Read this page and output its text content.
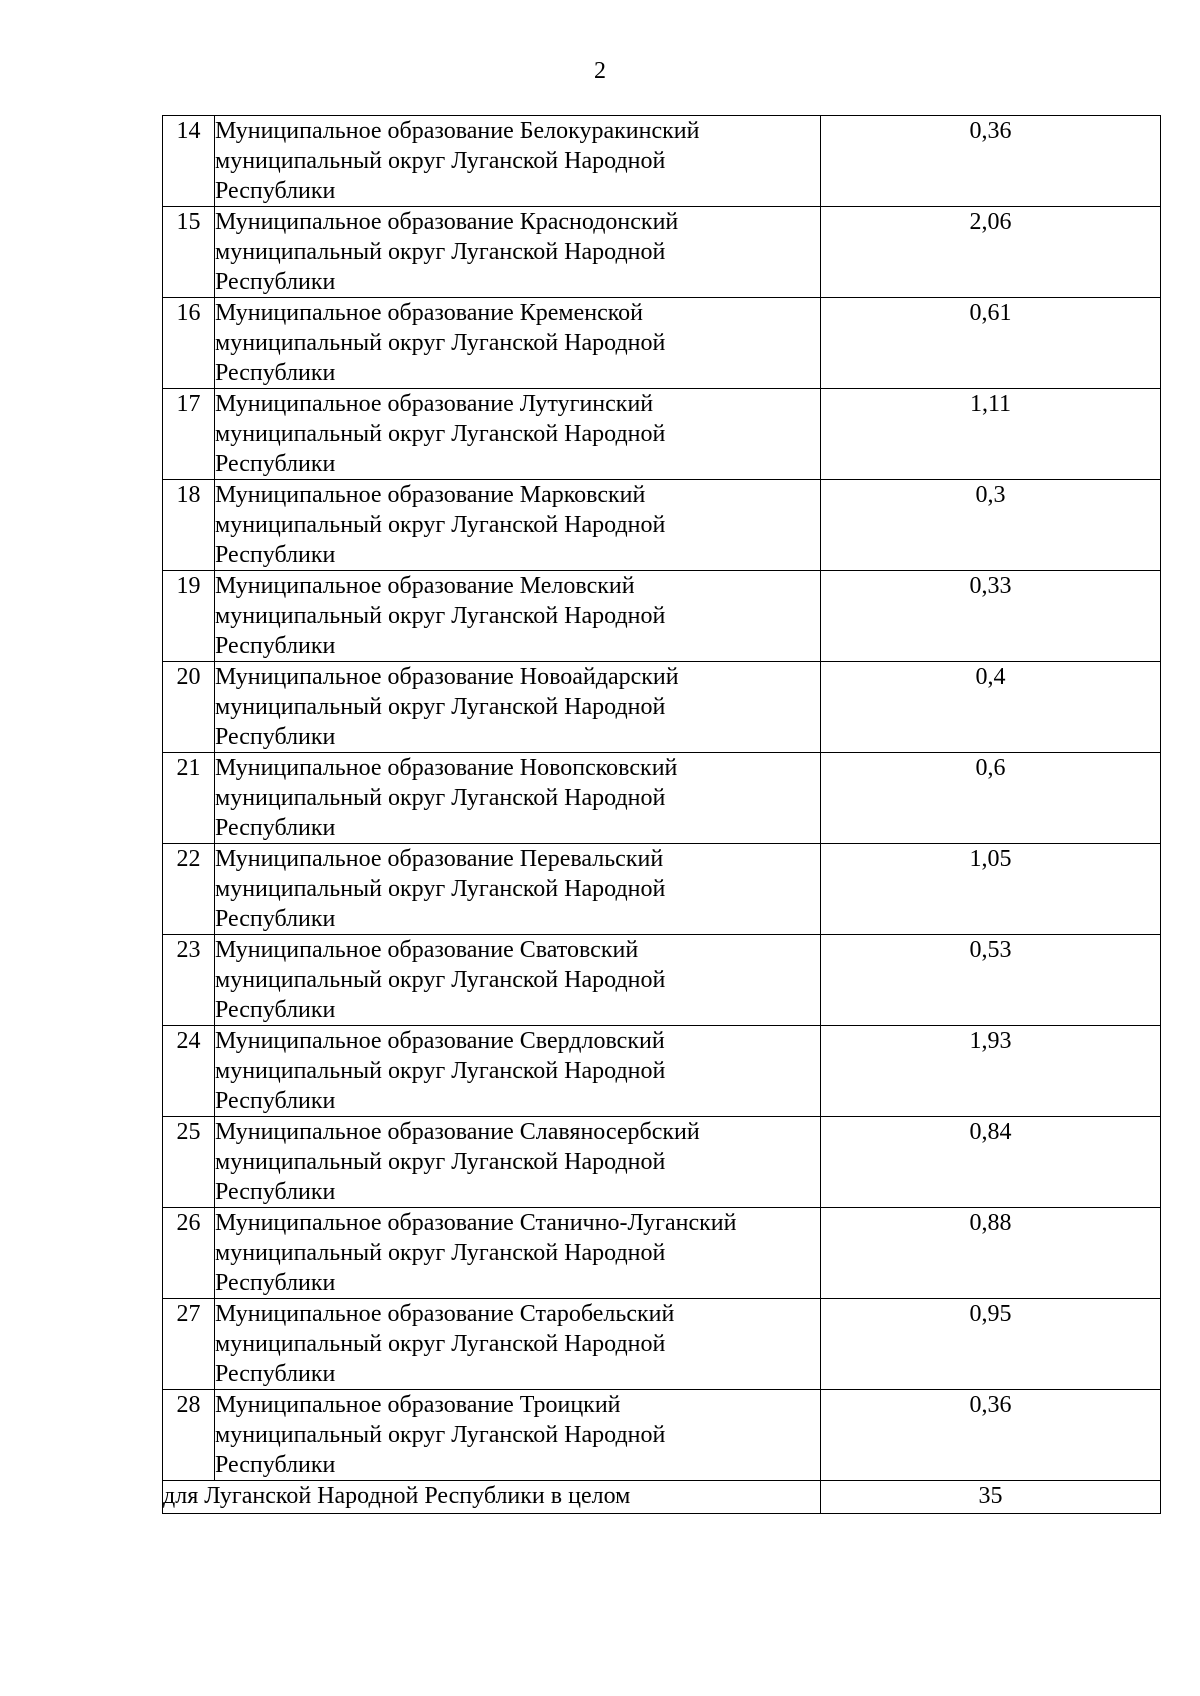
2
14	Муниципальное образование Белокуракинский
муниципальный округ Луганской Народной
Республики	0,36
15	Муниципальное образование Краснодонский
муниципальный округ Луганской Народной
Республики	2,06
16	Муниципальное образование Кременской
муниципальный округ Луганской Народной
Республики	0,61
17	Муниципальное образование Лутугинский
муниципальный округ Луганской Народной
Республики	1,11
18	Муниципальное образование Марковский
муниципальный округ Луганской Народной
Республики	0,3
19	Муниципальное образование Меловский
муниципальный округ Луганской Народной
Республики	0,33
20	Муниципальное образование Новоайдарский
муниципальный округ Луганской Народной
Республики	0,4
21	Муниципальное образование Новопсковский
муниципальный округ Луганской Народной
Республики	0,6
22	Муниципальное образование Перевальский
муниципальный округ Луганской Народной
Республики	1,05
23	Муниципальное образование Сватовский
муниципальный округ Луганской Народной
Республики	0,53
24	Муниципальное образование Свердловский
муниципальный округ Луганской Народной
Республики	1,93
25	Муниципальное образование Славяносербский
муниципальный округ Луганской Народной
Республики	0,84
26	Муниципальное образование Станично-Луганский
муниципальный округ Луганской Народной
Республики	0,88
27	Муниципальное образование Старобельский
муниципальный округ Луганской Народной
Республики	0,95
28	Муниципальное образование Троицкий
муниципальный округ Луганской Народной
Республики	0,36
для Луганской Народной Республики в целом		35
